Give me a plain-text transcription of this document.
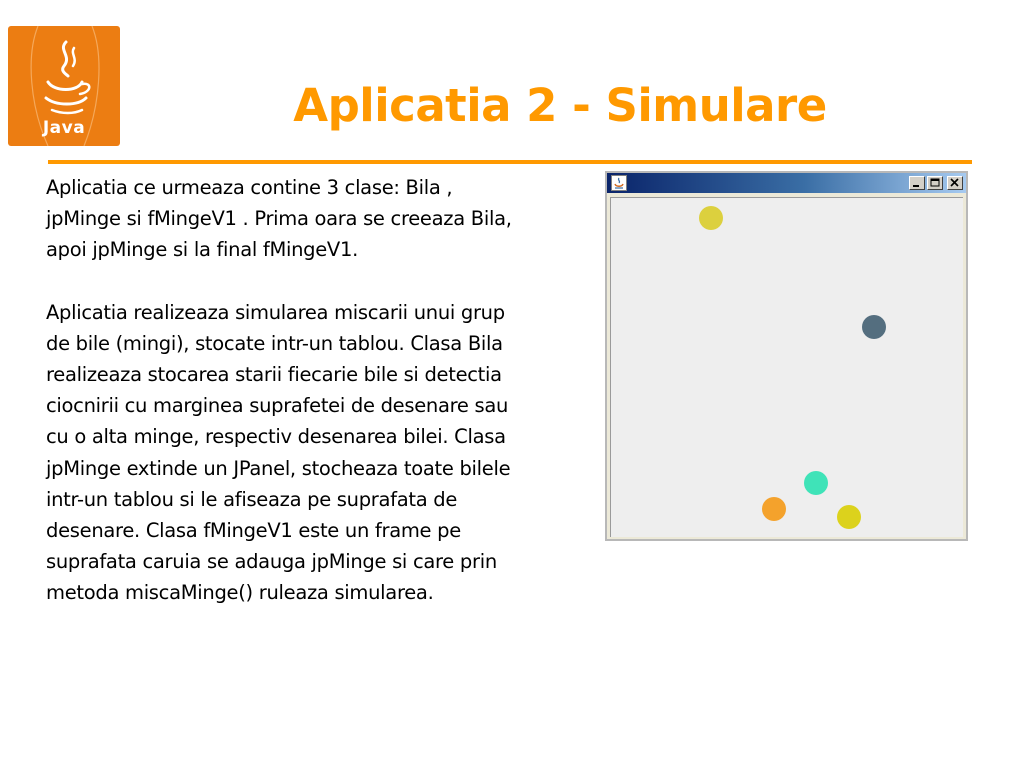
Java	Aplicatia 2 - Simulare

Aplicatia ce urmeaza contine 3 clase: Bila , jpMinge si fMingeV1 . Prima oara se creeaza Bila, apoi jpMinge si la final fMingeV1.

Aplicatia realizeaza simularea miscarii unui grup de bile (mingi), stocate intr-un tablou. Clasa Bila realizeaza stocarea starii fiecarie bile si detectia ciocnirii cu marginea suprafetei de desenare sau cu o alta minge, respectiv desenarea bilei. Clasa jpMinge extinde un JPanel, stocheaza toate bilele intr-un tablou si le afiseaza pe suprafata de desenare. Clasa fMingeV1 este un frame pe suprafata caruia se adauga jpMinge si care prin metoda miscaMinge() ruleaza simularea.
